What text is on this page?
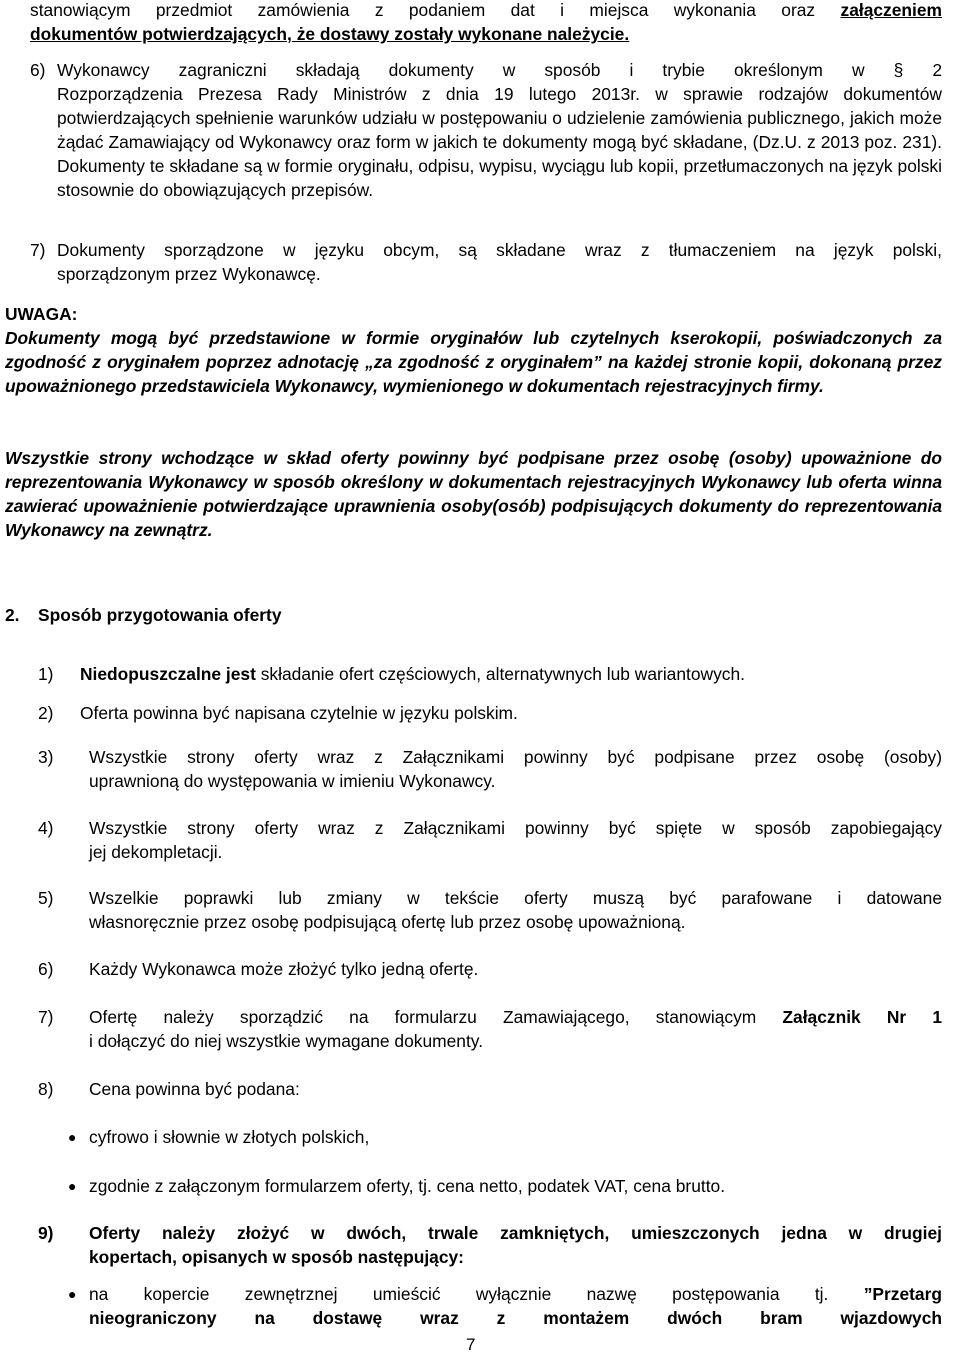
stanowiącym przedmiot zamówienia z podaniem dat i miejsca wykonania oraz załączeniem
dokumentów potwierdzających, że dostawy zostały wykonane należycie.
6) Wykonawcy zagraniczni składają dokumenty w sposób i trybie określonym w § 2
Rozporządzenia Prezesa Rady Ministrów z dnia 19 lutego 2013r. w sprawie rodzajów dokumentów potwierdzających spełnienie warunków udziału w postępowaniu o udzielenie zamówienia publicznego, jakich może żądać Zamawiający od Wykonawcy oraz form w jakich te dokumenty mogą być składane, (Dz.U. z 2013 poz. 231). Dokumenty te składane są w formie oryginału, odpisu, wypisu, wyciągu lub kopii, przetłumaczonych na język polski stosownie do obowiązujących przepisów.
7) Dokumenty sporządzone w języku obcym, są składane wraz z tłumaczeniem na język polski,
sporządzonym przez Wykonawcę.
UWAGA:
Dokumenty mogą być przedstawione w formie oryginałów lub czytelnych kserokopii, poświadczonych za zgodność z oryginałem poprzez adnotację „za zgodność z oryginałem” na każdej stronie kopii, dokonaną przez upoważnionego przedstawiciela Wykonawcy, wymienionego w dokumentach rejestracyjnych firmy.
Wszystkie strony wchodzące w skład oferty powinny być podpisane przez osobę (osoby) upoważnione do reprezentowania Wykonawcy w sposób określony w dokumentach rejestracyjnych Wykonawcy lub oferta winna zawierać upoważnienie potwierdzające uprawnienia osoby(osób) podpisujących dokumenty do reprezentowania Wykonawcy na zewnątrz.
2. Sposób przygotowania oferty
1) Niedopuszczalne jest składanie ofert częściowych, alternatywnych lub wariantowych.
2) Oferta powinna być napisana czytelnie w języku polskim.
3) Wszystkie strony oferty wraz z Załącznikami powinny być podpisane przez osobę (osoby)
uprawnioną do występowania w imieniu Wykonawcy.
4) Wszystkie strony oferty wraz z Załącznikami powinny być spięte w sposób zapobiegający
jej dekompletacji.
5) Wszelkie poprawki lub zmiany w tekście oferty muszą być parafowane i datowane
własnoręcznie przez osobę podpisującą ofertę lub przez osobę upoważnioną.
6) Każdy Wykonawca może złożyć tylko jedną ofertę.
7) Ofertę należy sporządzić na formularzu Zamawiającego, stanowiącym Załącznik Nr 1
i dołączyć do niej wszystkie wymagane dokumenty.
8) Cena powinna być podana:
● cyfrowo i słownie w złotych polskich,
● zgodnie z załączonym formularzem oferty, tj. cena netto, podatek VAT, cena brutto.
9) Oferty należy złożyć w dwóch, trwale zamkniętych, umieszczonych jedna w drugiej
kopertach, opisanych w sposób następujący:
● na kopercie zewnętrznej umieścić wyłącznie nazwę postępowania tj. ”Przetarg
nieograniczony na dostawę wraz z montażem dwóch bram wjazdowych
7
